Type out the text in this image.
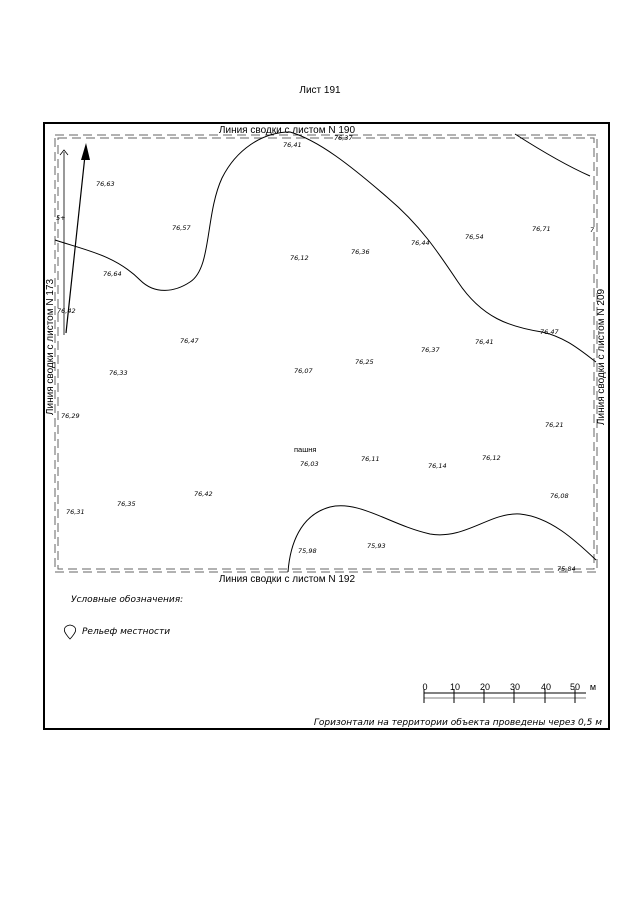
Лист 191
Линия сводки с листом N 190
Линия сводки с листом N 192
Линия сводки с листом N 173	Линия сводки с листом N 209
76,41
76,37
76,63
76,57
76,12
76,36
76,44
76,54
76,71
76,64
76,42
76,47
76,33	76,07
76,25
76,37
76,41
76,47
76,29
76,21
76,03
76,11
76,14
76,12
76,31
76,35
76,42	76,08
75,98
75,93
75,84
5+
7
пашня
Условные обозначения:
Рельеф местности
0 10 20 30 40 50 м
Горизонтали на территории объекта проведены через 0,5 м
